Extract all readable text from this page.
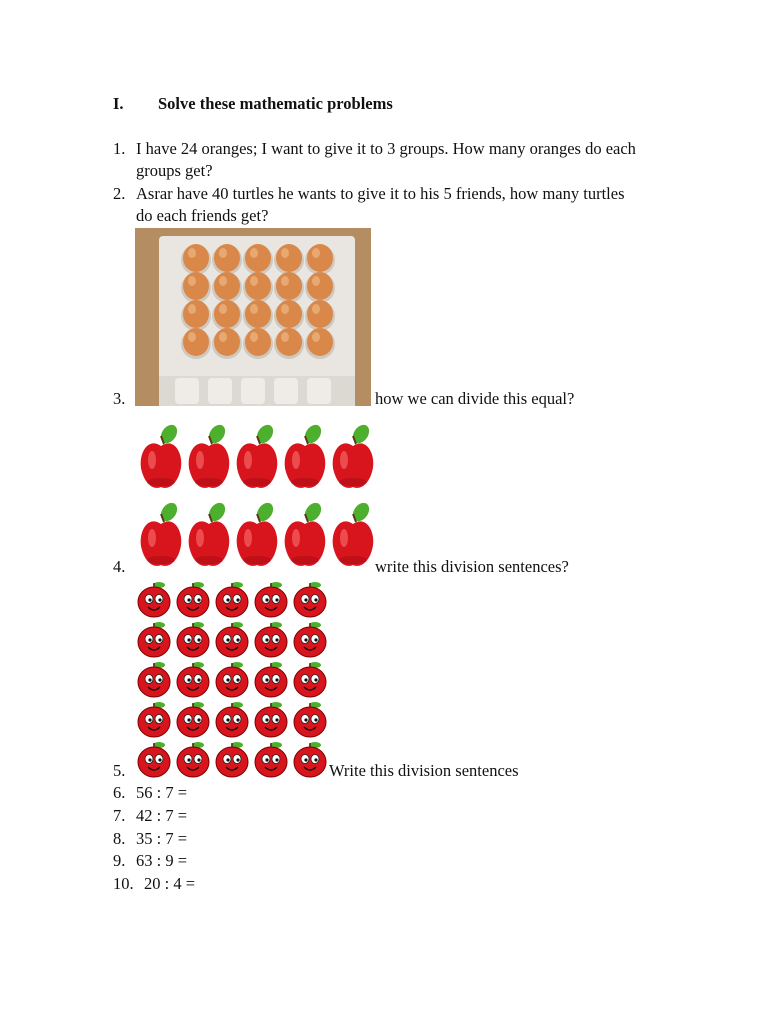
I. Solve these mathematic problems
1. I have 24 oranges; I want to give it to 3 groups. How many oranges do each
groups get?
2. Asrar have 40 turtles he wants to give it to his 5 friends, how many turtles
do each friends get?
3.	how we can divide this equal?
4.	write this division sentences?
5.	Write this division sentences
6. 56 : 7 =
7. 42 : 7 =
8. 35 : 7 =
9. 63 : 9 =
10. 20 : 4 =
